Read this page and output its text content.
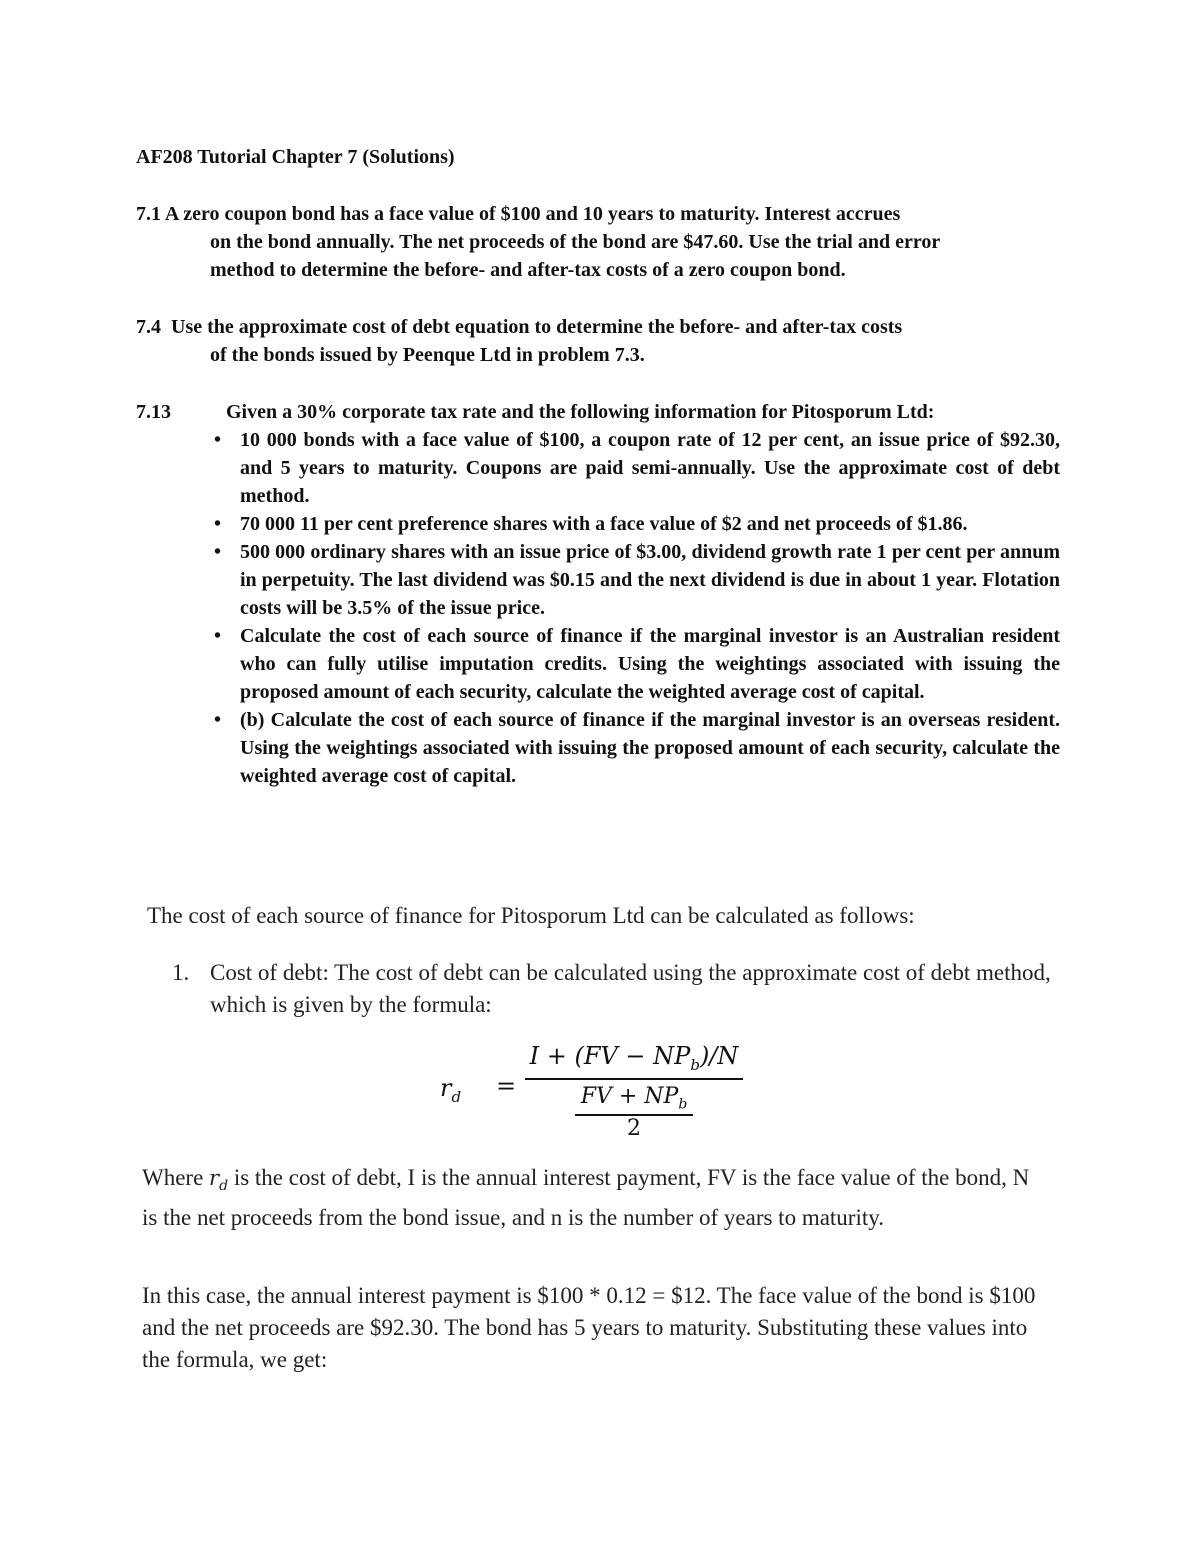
AF208 Tutorial Chapter 7 (Solutions)
7.1 A zero coupon bond has a face value of $100 and 10 years to maturity. Interest accrues
on the bond annually. The net proceeds of the bond are $47.60. Use the trial and error
method to determine the before- and after-tax costs of a zero coupon bond.
7.4 Use the approximate cost of debt equation to determine the before- and after-tax costs
of the bonds issued by Peenque Ltd in problem 7.3.
7.13	Given a 30% corporate tax rate and the following information for Pitosporum Ltd:
• 10 000 bonds with a face value of $100, a coupon rate of 12 per cent, an issue price of $92.30, and 5 years to maturity. Coupons are paid semi-annually. Use the approximate cost of debt method.
• 70 000 11 per cent preference shares with a face value of $2 and net proceeds of $1.86.
• 500 000 ordinary shares with an issue price of $3.00, dividend growth rate 1 per cent per annum in perpetuity. The last dividend was $0.15 and the next dividend is due in about 1 year. Flotation costs will be 3.5% of the issue price.
• Calculate the cost of each source of finance if the marginal investor is an Australian resident who can fully utilise imputation credits. Using the weightings associated with issuing the proposed amount of each security, calculate the weighted average cost of capital.
• (b) Calculate the cost of each source of finance if the marginal investor is an overseas resident. Using the weightings associated with issuing the proposed amount of each security, calculate the weighted average cost of capital.
The cost of each source of finance for Pitosporum Ltd can be calculated as follows:
1. Cost of debt: The cost of debt can be calculated using the approximate cost of debt method, which is given by the formula:
$r_d$ =
$I + (FV - NP_b)/N$
FV + $NP_b$
2
Where $r_d$ is the cost of debt, I is the annual interest payment, FV is the face value of the bond, N is the net proceeds from the bond issue, and n is the number of years to maturity.
In this case, the annual interest payment is $100 * 0.12 = $12. The face value of the bond is $100 and the net proceeds are $92.30. The bond has 5 years to maturity. Substituting these values into the formula, we get:
